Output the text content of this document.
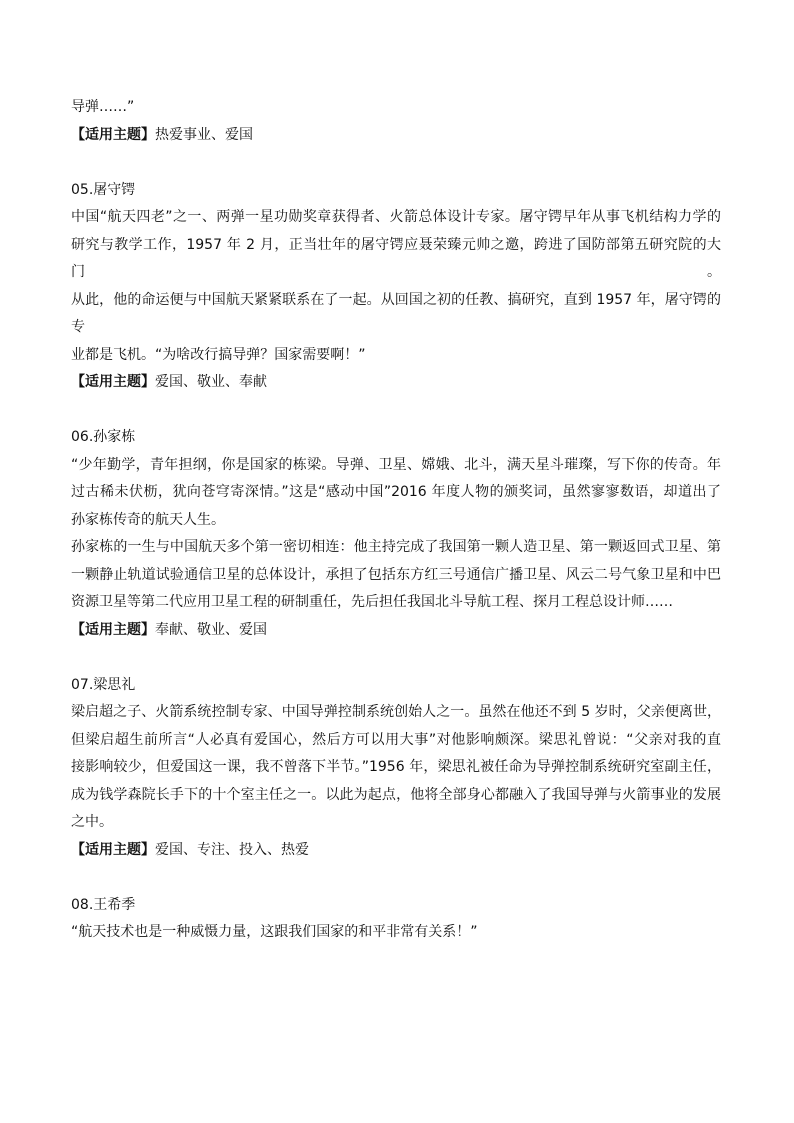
导弹……”
【适用主题】热爱事业、爱国
05.屠守锷
中国“航天四老”之一、两弹一星功勋奖章获得者、火箭总体设计专家。屠守锷早年从事飞机结构力学的
研究与教学工作，1957 年 2 月，正当壮年的屠守锷应聂荣臻元帅之邀，跨进了国防部第五研究院的大门。
从此，他的命运便与中国航天紧紧联系在了一起。从回国之初的任教、搞研究，直到 1957 年，屠守锷的专
业都是飞机。“为啥改行搞导弹？国家需要啊！”
【适用主题】爱国、敬业、奉献
06.孙家栋
“少年勤学，青年担纲，你是国家的栋梁。导弹、卫星、嫦娥、北斗，满天星斗璀璨，写下你的传奇。年
过古稀未伏枥，犹向苍穹寄深情。”这是“感动中国”2016 年度人物的颁奖词，虽然寥寥数语，却道出了
孙家栋传奇的航天人生。
孙家栋的一生与中国航天多个第一密切相连：他主持完成了我国第一颗人造卫星、第一颗返回式卫星、第
一颗静止轨道试验通信卫星的总体设计，承担了包括东方红三号通信广播卫星、风云二号气象卫星和中巴
资源卫星等第二代应用卫星工程的研制重任，先后担任我国北斗导航工程、探月工程总设计师……
【适用主题】奉献、敬业、爱国
07.梁思礼
梁启超之子、火箭系统控制专家、中国导弹控制系统创始人之一。虽然在他还不到 5 岁时，父亲便离世，
但梁启超生前所言“人必真有爱国心，然后方可以用大事”对他影响颇深。梁思礼曾说：“父亲对我的直
接影响较少，但爱国这一课，我不曾落下半节。”1956 年，梁思礼被任命为导弹控制系统研究室副主任，
成为钱学森院长手下的十个室主任之一。以此为起点，他将全部身心都融入了我国导弹与火箭事业的发展
之中。
【适用主题】爱国、专注、投入、热爱
08.王希季
“航天技术也是一种威慑力量，这跟我们国家的和平非常有关系！”
